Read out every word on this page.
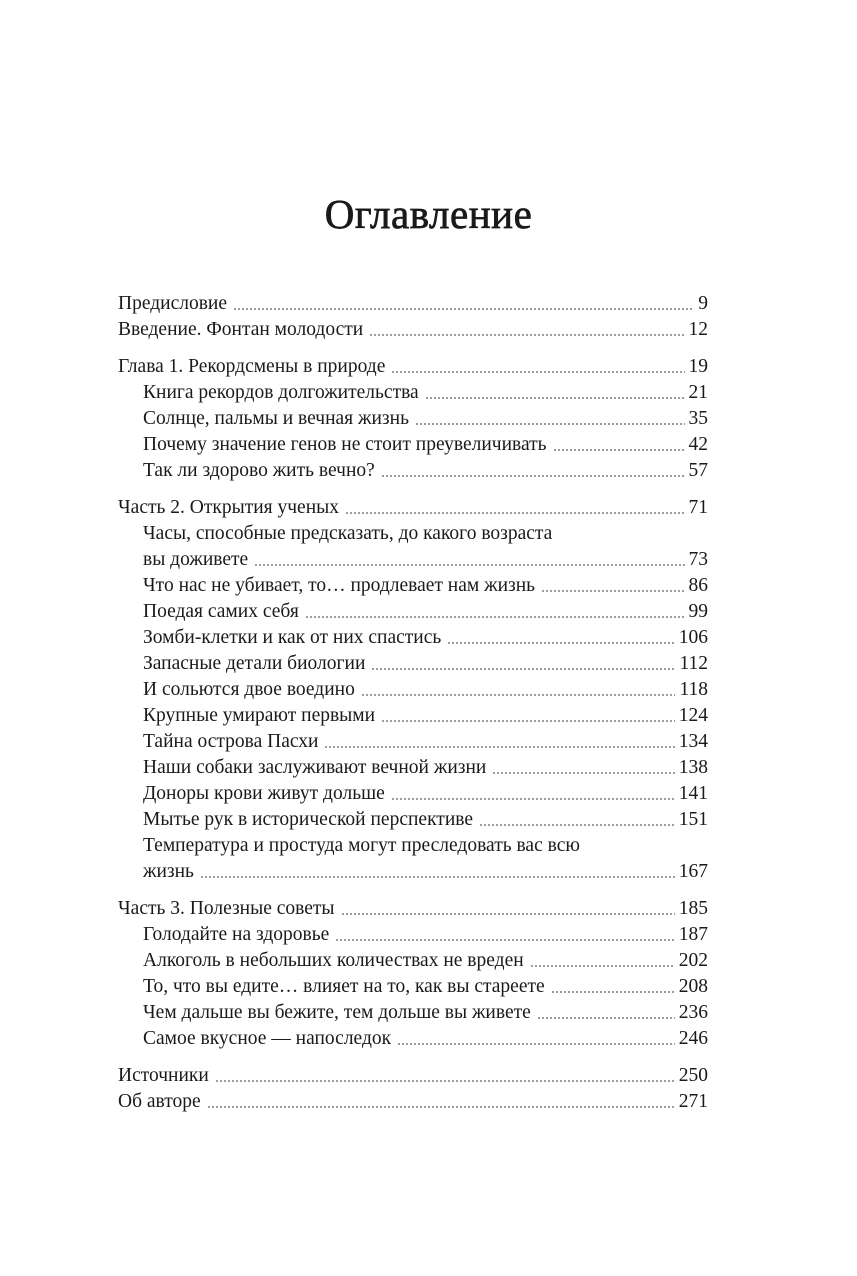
Оглавление
Предисловие	9
Введение. Фонтан молодости	12
Глава 1. Рекордсмены в природе	19
Книга рекордов долгожительства	21
Солнце, пальмы и вечная жизнь	35
Почему значение генов не стоит преувеличивать	42
Так ли здорово жить вечно?	57
Часть 2. Открытия ученых	71
Часы, способные предсказать, до какого возраста
вы доживете	73
Что нас не убивает, то… продлевает нам жизнь	86
Поедая самих себя	99
Зомби-клетки и как от них спастись	106
Запасные детали биологии	112
И сольются двое воедино	118
Крупные умирают первыми	124
Тайна острова Пасхи	134
Наши собаки заслуживают вечной жизни	138
Доноры крови живут дольше	141
Мытье рук в исторической перспективе	151
Температура и простуда могут преследовать вас всю
жизнь	167
Часть 3. Полезные советы	185
Голодайте на здоровье	187
Алкоголь в небольших количествах не вреден	202
То, что вы едите… влияет на то, как вы стареете	208
Чем дальше вы бежите, тем дольше вы живете	236
Самое вкусное — напоследок	246
Источники	250
Об авторе	271
